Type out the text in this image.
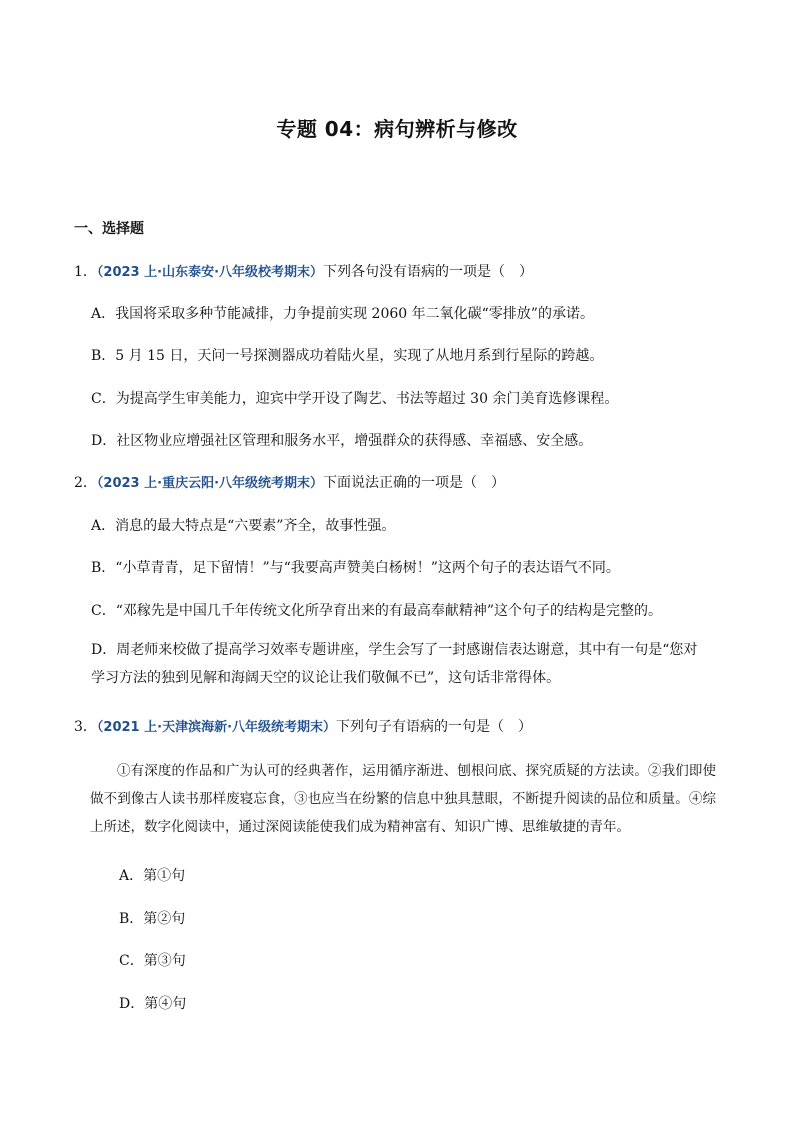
专题 04：病句辨析与修改
一、选择题
1．（2023 上·山东泰安·八年级校考期末）下列各句没有语病的一项是（　）
A．我国将采取多种节能减排，力争提前实现 2060 年二氧化碳“零排放”的承诺。
B．5 月 15 日，天问一号探测器成功着陆火星，实现了从地月系到行星际的跨越。
C．为提高学生审美能力，迎宾中学开设了陶艺、书法等超过 30 余门美育选修课程。
D．社区物业应增强社区管理和服务水平，增强群众的获得感、幸福感、安全感。
2．（2023 上·重庆云阳·八年级统考期末）下面说法正确的一项是（　）
A．消息的最大特点是“六要素”齐全，故事性强。
B．“小草青青，足下留情！”与“我要高声赞美白杨树！”这两个句子的表达语气不同。
C．“邓稼先是中国几千年传统文化所孕育出来的有最高奉献精神”这个句子的结构是完整的。
D．周老师来校做了提高学习效率专题讲座，学生会写了一封感谢信表达谢意，其中有一句是“您对学习方法的独到见解和海阔天空的议论让我们敬佩不已”，这句话非常得体。
3．（2021 上·天津滨海新·八年级统考期末）下列句子有语病的一句是（　）
①有深度的作品和广为认可的经典著作，运用循序渐进、刨根问底、探究质疑的方法读。②我们即使做不到像古人读书那样废寝忘食，③也应当在纷繁的信息中独具慧眼，不断提升阅读的品位和质量。④综上所述，数字化阅读中，通过深阅读能使我们成为精神富有、知识广博、思维敏捷的青年。
A．第①句
B．第②句
C．第③句
D．第④句
